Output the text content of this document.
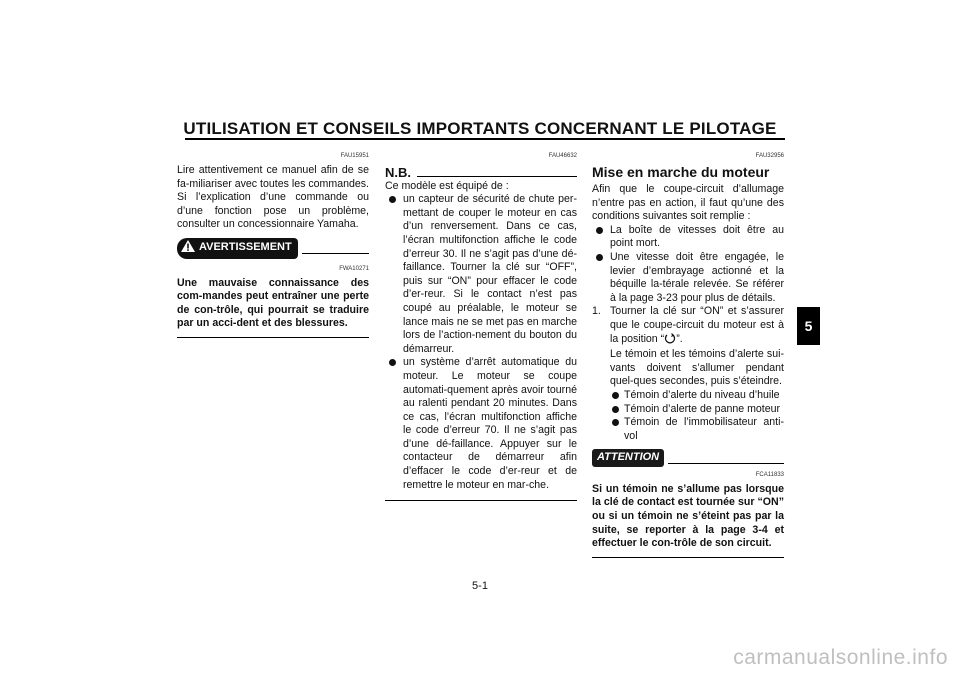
UTILISATION ET CONSEILS IMPORTANTS CONCERNANT LE PILOTAGE
FAU15951

Lire attentivement ce manuel afin de se fa-miliariser avec toutes les commandes. Si l’explication d’une commande ou d’une fonction pose un problème, consulter un concessionnaire Yamaha.

AVERTISSEMENT
FWA10271

Une mauvaise connaissance des com-mandes peut entraîner une perte de con-trôle, qui pourrait se traduire par un acci-dent et des blessures.

FAU46632
N.B.

Ce modèle est équipé de :

un capteur de sécurité de chute per-mettant de couper le moteur en cas d’un renversement. Dans ce cas, l’écran multifonction affiche le code d’erreur 30. Il ne s’agit pas d’une dé-faillance. Tourner la clé sur “OFF”, puis sur “ON” pour effacer le code d’er-reur. Si le contact n’est pas coupé au préalable, le moteur se lance mais ne se met pas en marche lors de l’action-nement du bouton du démarreur.
un système d’arrêt automatique du moteur. Le moteur se coupe automati-quement après avoir tourné au ralenti pendant 20 minutes. Dans ce cas, l’écran multifonction affiche le code d’erreur 70. Il ne s’agit pas d’une dé-faillance. Appuyer sur le contacteur de démarreur afin d’effacer le code d’er-reur et de remettre le moteur en mar-che.
FAU32956
Mise en marche du moteur

Afin que le coupe-circuit d’allumage n’entre pas en action, il faut qu’une des conditions suivantes soit remplie :

La boîte de vitesses doit être au point mort.
Une vitesse doit être engagée, le levier d’embrayage actionné et la béquille la-térale relevée. Se référer à la page 3-23 pour plus de détails.
1. Tourner la clé sur “ON” et s’assurer que le coupe-circuit du moteur est à la position “ ”.
Le témoin et les témoins d’alerte sui-vants doivent s’allumer pendant quel-ques secondes, puis s’éteindre.
Témoin d’alerte du niveau d’huile
Témoin d’alerte de panne moteur
Témoin de l’immobilisateur anti-vol
ATTENTION
FCA11833

Si un témoin ne s’allume pas lorsque la clé de contact est tournée sur “ON” ou si un témoin ne s’éteint pas par la suite, se reporter à la page 3-4 et effectuer le con-trôle de son circuit.

5
5-1
carmanualsonline.info
